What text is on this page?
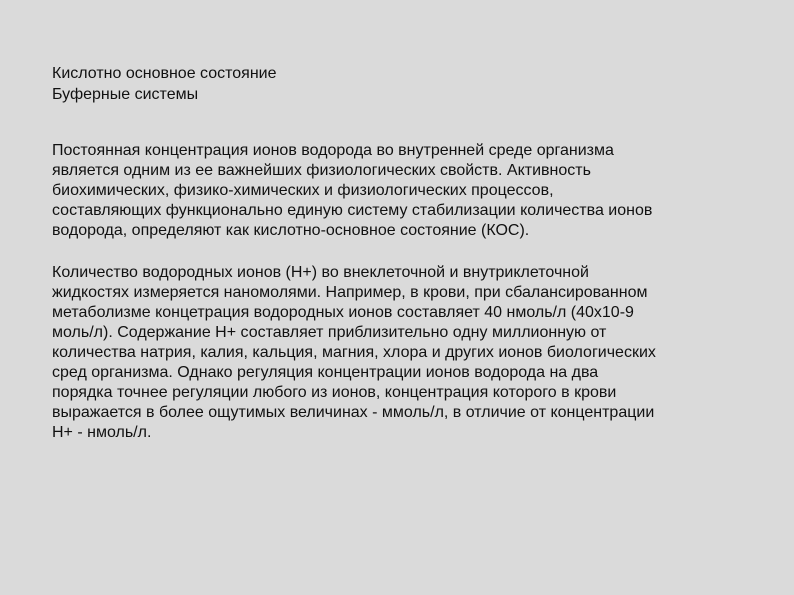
Кислотно основное состояние

Буферные системы

Постоянная концентрация ионов водорода во внутренней среде организма
является одним из ее важнейших физиологических свойств. Активность
биохимических, физико-химических и физиологических процессов,
составляющих функционально единую систему стабилизации количества ионов
водорода, определяют как кислотно-основное состояние (КОС).

Количество водородных ионов (Н+) во внеклеточной и внутриклеточной
жидкостях измеряется наномолями. Например, в крови, при сбалансированном
метаболизме концетрация водородных ионов составляет 40 нмоль/л (40х10-9
моль/л). Содержание Н+ составляет приблизительно одну миллионную от
количества натрия, калия, кальция, магния, хлора и других ионов биологических
сред организма. Однако регуляция концентрации ионов водорода на два
порядка точнее регуляции любого из ионов, концентрация которого в крови
выражается в более ощутимых величинах - ммоль/л, в отличие от концентрации
Н+ - нмоль/л.
